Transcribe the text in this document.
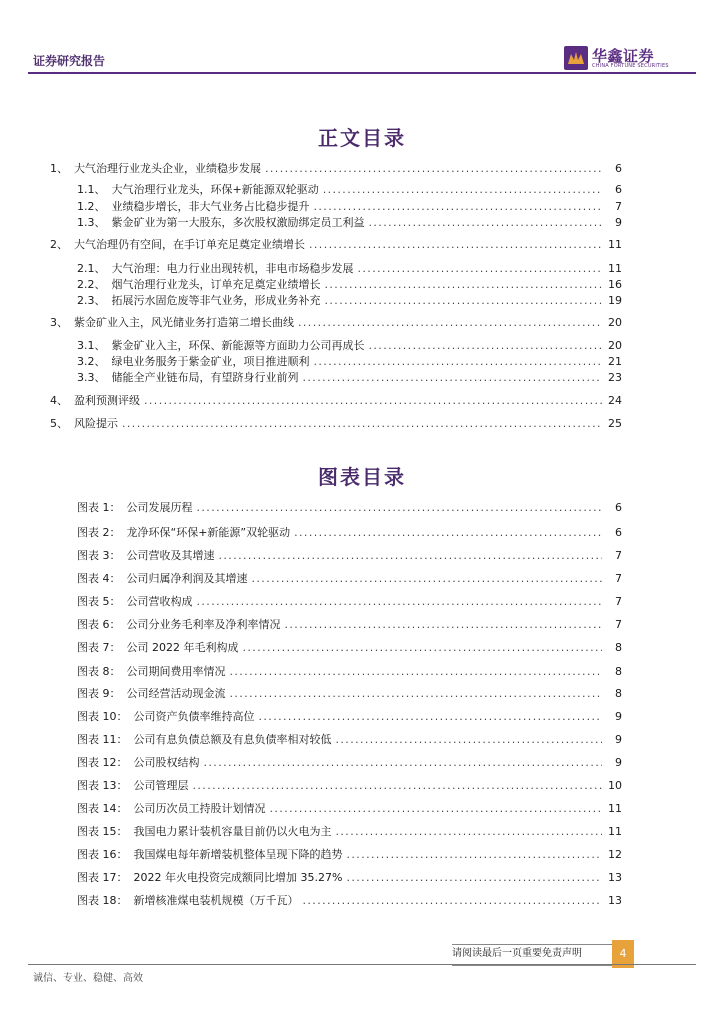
证券研究报告	华鑫证券
CHINA FORTUNE SECURITIES
正文目录
1、 大气治理行业龙头企业，业绩稳步发展 .....	6
1.1、 大气治理行业龙头，环保+新能源双轮驱动 .....	6
1.2、 业绩稳步增长，非大气业务占比稳步提升 .....	7
1.3、 紫金矿业为第一大股东，多次股权激励绑定员工利益 .....	9
2、 大气治理仍有空间，在手订单充足奠定业绩增长 .....	11
2.1、 大气治理：电力行业出现转机，非电市场稳步发展 .....	11
2.2、 烟气治理行业龙头，订单充足奠定业绩增长 .....	16
2.3、 拓展污水固危废等非气业务，形成业务补充 .....	19
3、 紫金矿业入主，风光储业务打造第二增长曲线 .....	20
3.1、 紫金矿业入主，环保、新能源等方面助力公司再成长 .....	20
3.2、 绿电业务服务于紫金矿业，项目推进顺利 .....	21
3.3、 储能全产业链布局，有望跻身行业前列 .....	23
4、 盈利预测评级 .....	24
5、 风险提示 .....	25
图表目录
图表 1： 公司发展历程 .....	6
图表 2： 龙净环保“环保+新能源”双轮驱动 .....	6
图表 3： 公司营收及其增速 .....	7
图表 4： 公司归属净利润及其增速 .....	7
图表 5： 公司营收构成 .....	7
图表 6： 公司分业务毛利率及净利率情况 .....	7
图表 7： 公司 2022 年毛利构成 .....	8
图表 8： 公司期间费用率情况 .....	8
图表 9： 公司经营活动现金流 .....	8
图表 10： 公司资产负债率维持高位 .....	9
图表 11： 公司有息负债总额及有息负债率相对较低 .....	9
图表 12： 公司股权结构 .....	9
图表 13： 公司管理层 .....	10
图表 14： 公司历次员工持股计划情况 .....	11
图表 15： 我国电力累计装机容量目前仍以火电为主 .....	11
图表 16： 我国煤电每年新增装机整体呈现下降的趋势 .....	12
图表 17： 2022 年火电投资完成额同比增加 35.27% .....	13
图表 18： 新增核准煤电装机规模（万千瓦） .....	13
请阅读最后一页重要免责声明	4
诚信、专业、稳健、高效
